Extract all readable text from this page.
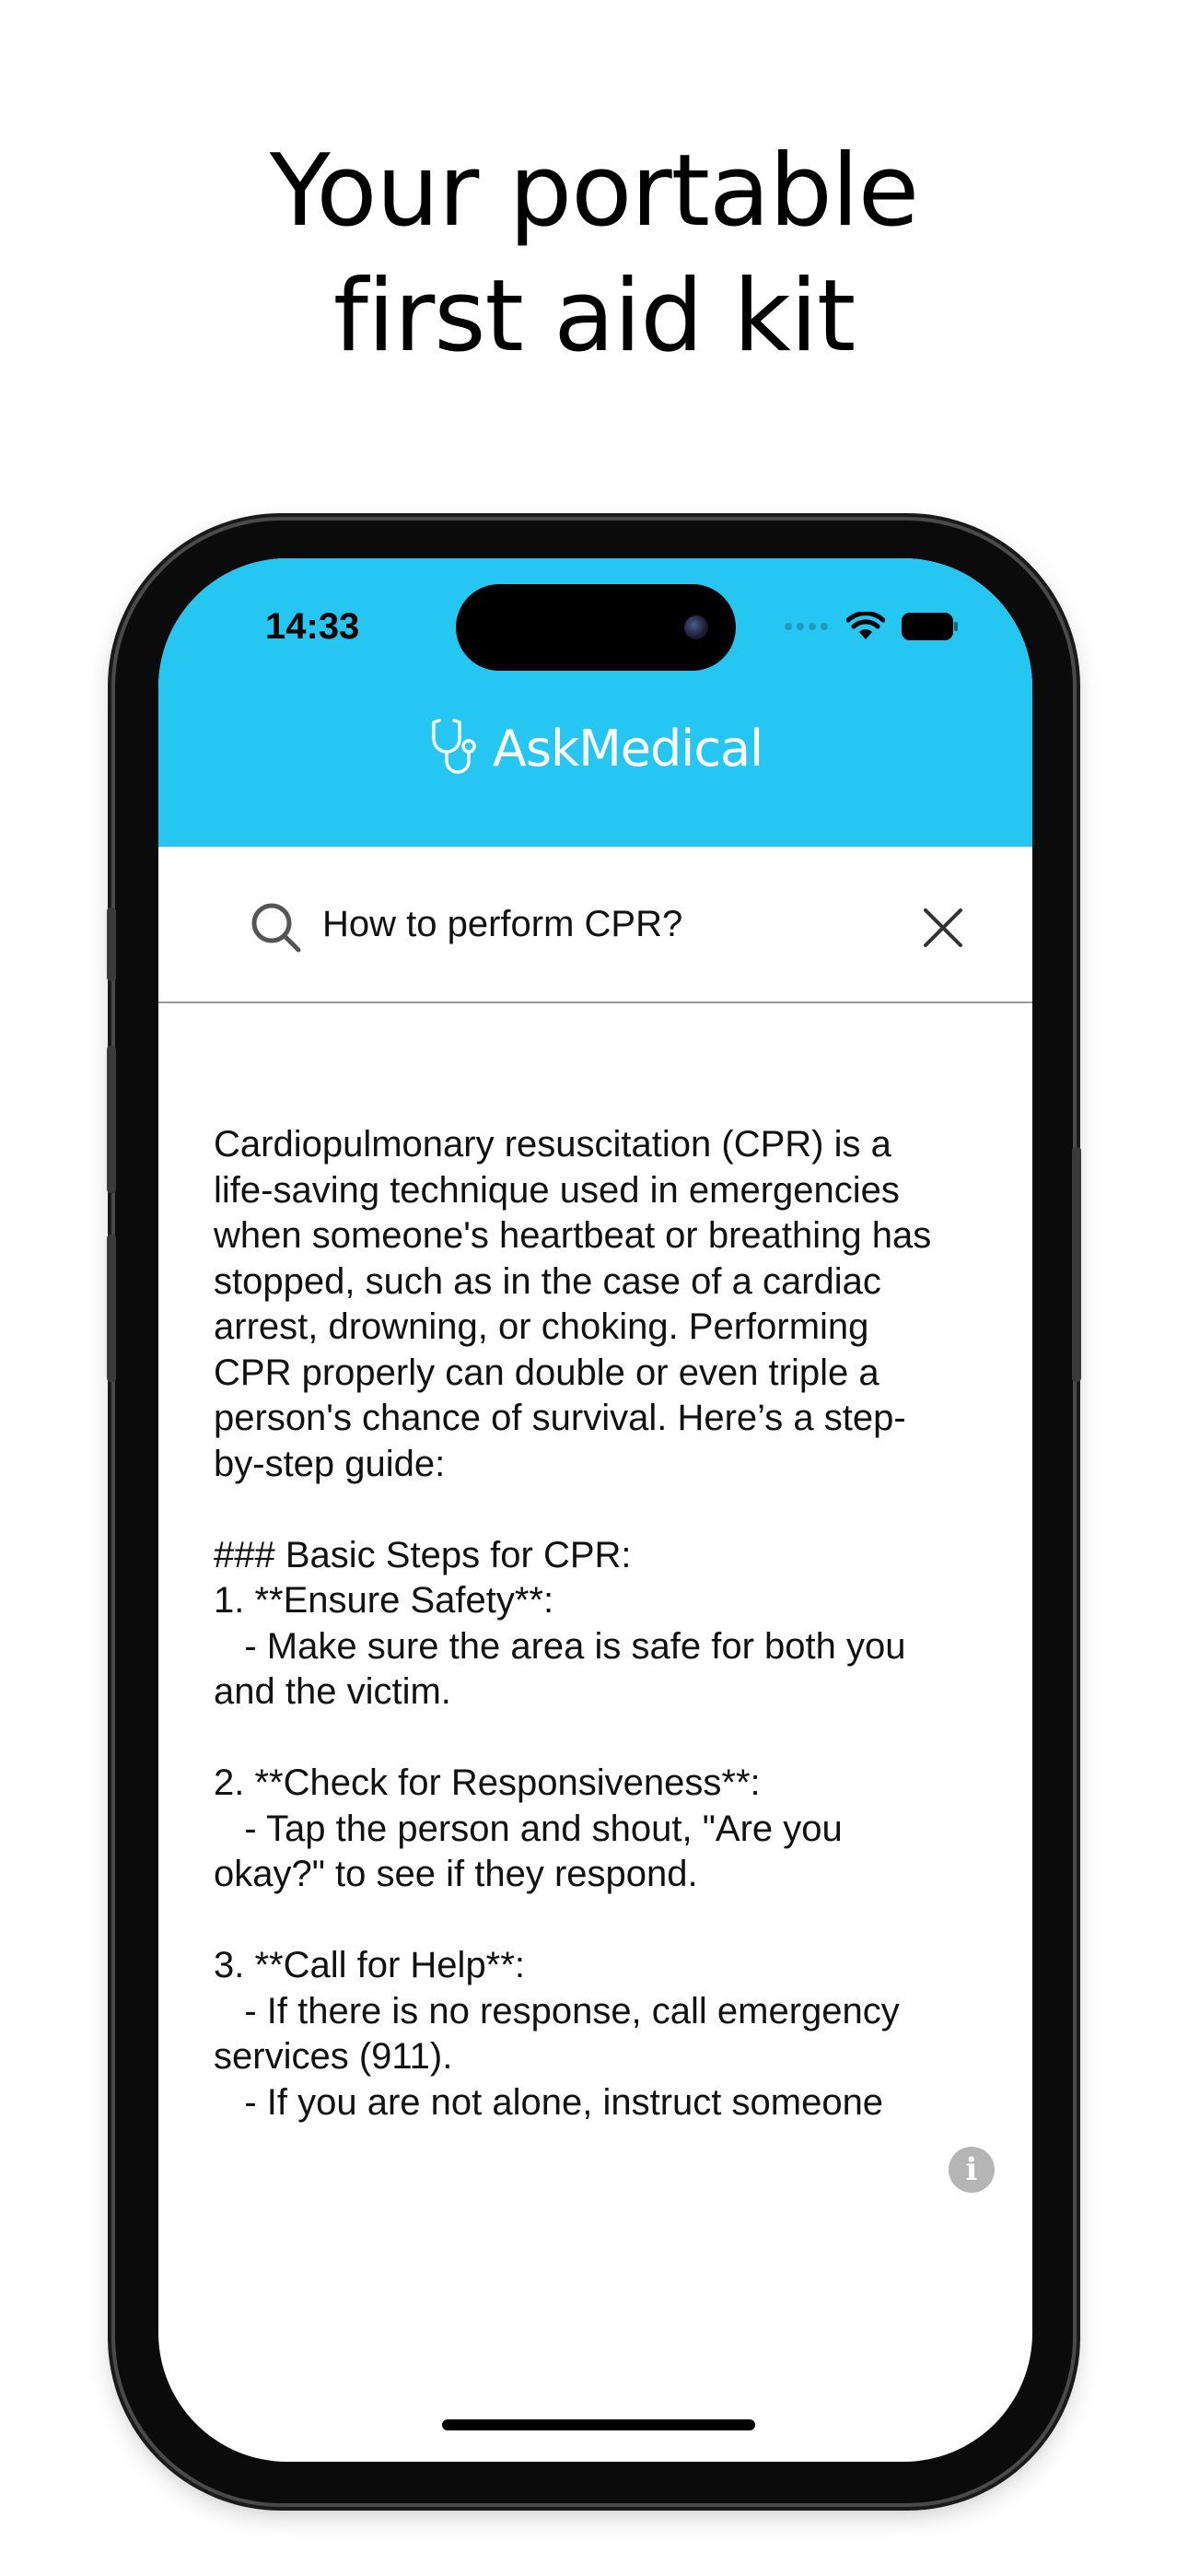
Your portable
first aid kit
14:33
AskMedical
How to perform CPR?
Cardiopulmonary resuscitation (CPR) is a
life-saving technique used in emergencies
when someone's heartbeat or breathing has
stopped, such as in the case of a cardiac
arrest, drowning, or choking. Performing
CPR properly can double or even triple a
person's chance of survival. Here’s a step-
by-step guide:

### Basic Steps for CPR:
1. **Ensure Safety**:
- Make sure the area is safe for both you
and the victim.

2. **Check for Responsiveness**:
- Tap the person and shout, "Are you
okay?" to see if they respond.

3. **Call for Help**:
- If there is no response, call emergency
services (911).
- If you are not alone, instruct someone
i
